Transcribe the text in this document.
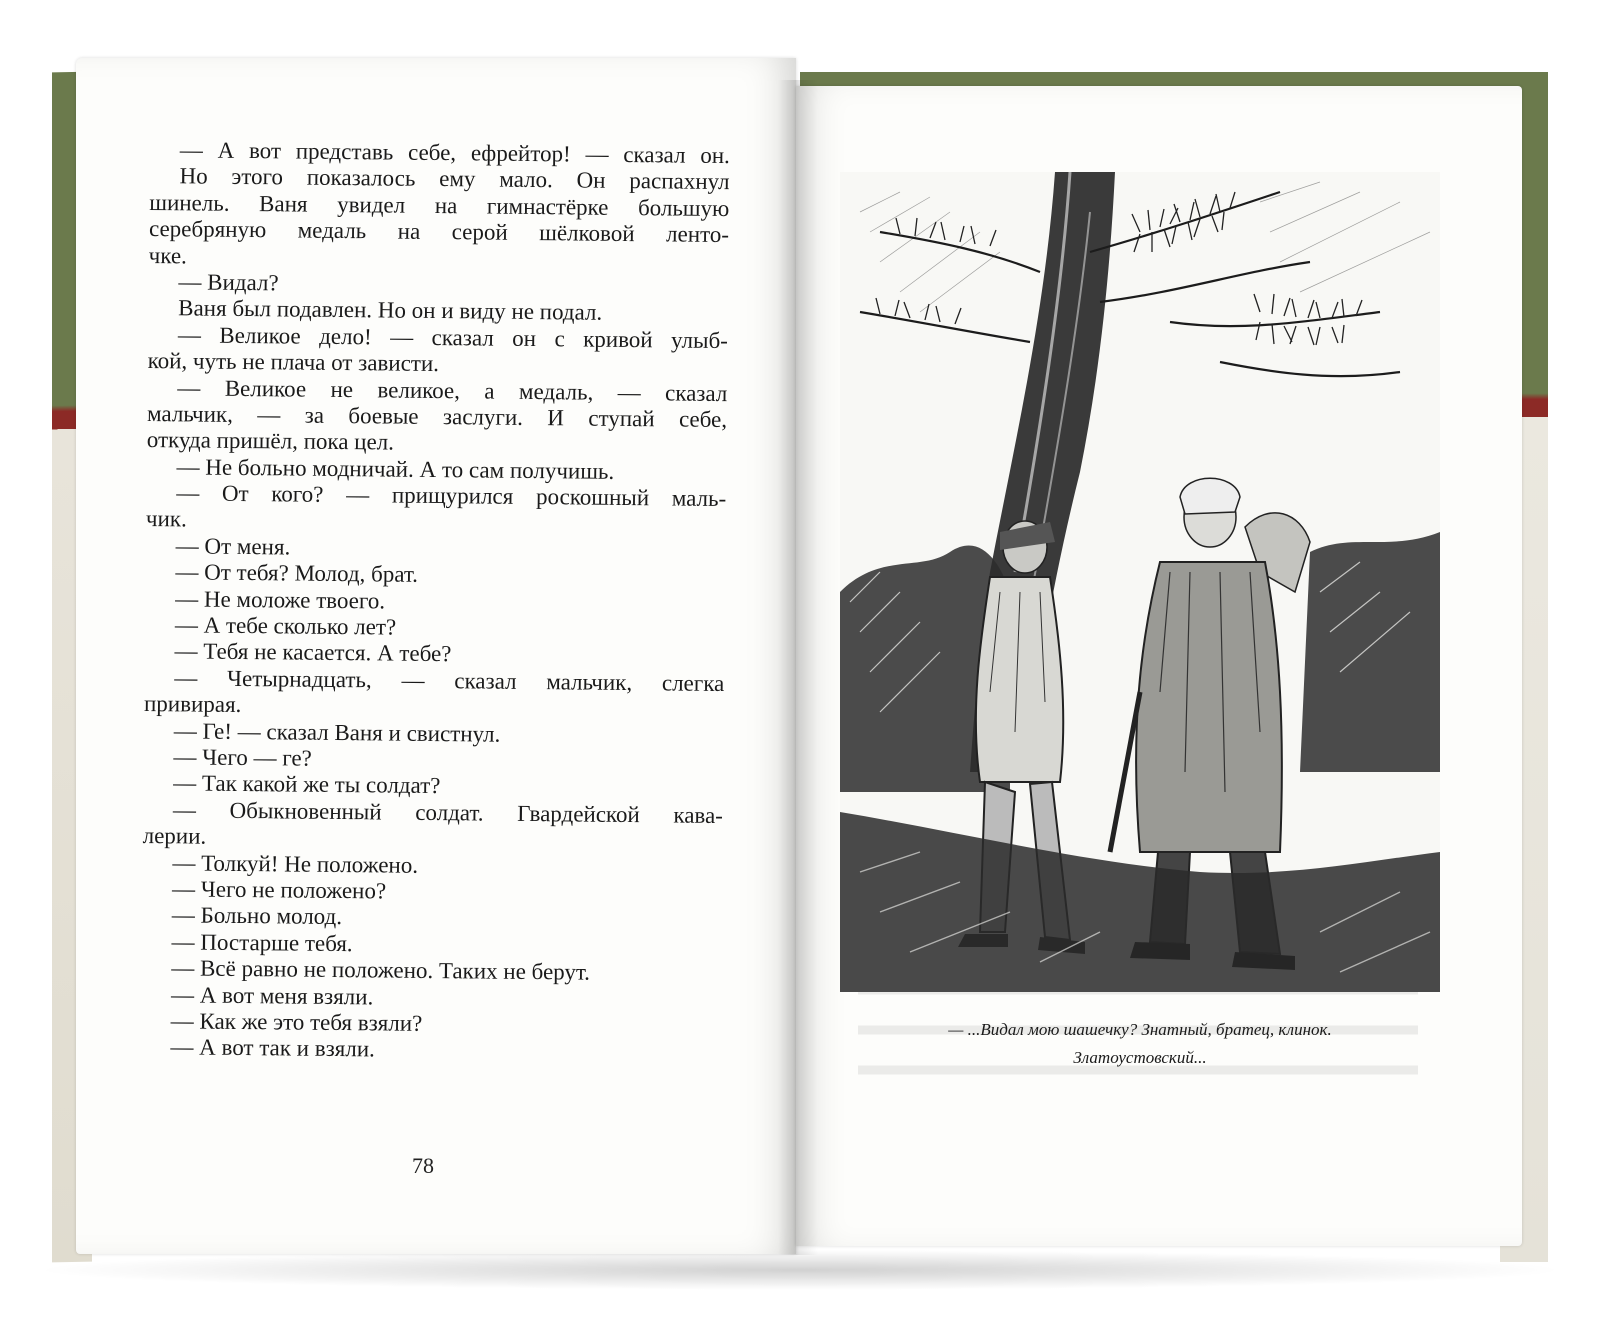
— А вот представь себе, ефрейтор! — сказал он.
Но этого показалось ему мало. Он распахнул
шинель. Ваня увидел на гимнастёрке большую
серебряную медаль на серой шёлковой ленто-
чке.
— Видал?
Ваня был подавлен. Но он и виду не подал.
— Великое дело! — сказал он с кривой улыб-
кой, чуть не плача от зависти.
— Великое не великое, а медаль, — сказал
мальчик, — за боевые заслуги. И ступай себе,
откуда пришёл, пока цел.
— Не больно модничай. А то сам получишь.
— От кого? — прищурился роскошный маль-
чик.
— От меня.
— От тебя? Молод, брат.
— Не моложе твоего.
— А тебе сколько лет?
— Тебя не касается. А тебе?
— Четырнадцать, — сказал мальчик, слегка
привирая.
— Ге! — сказал Ваня и свистнул.
— Чего — ге?
— Так какой же ты солдат?
— Обыкновенный солдат. Гвардейской кава-
лерии.
— Толкуй! Не положено.
— Чего не положено?
— Больно молод.
— Постарше тебя.
— Всё равно не положено. Таких не берут.
— А вот меня взяли.
— Как же это тебя взяли?
— А вот так и взяли.
78
— ...Видал мою шашечку? Знатный, братец, клинок.
Златоустовский...
